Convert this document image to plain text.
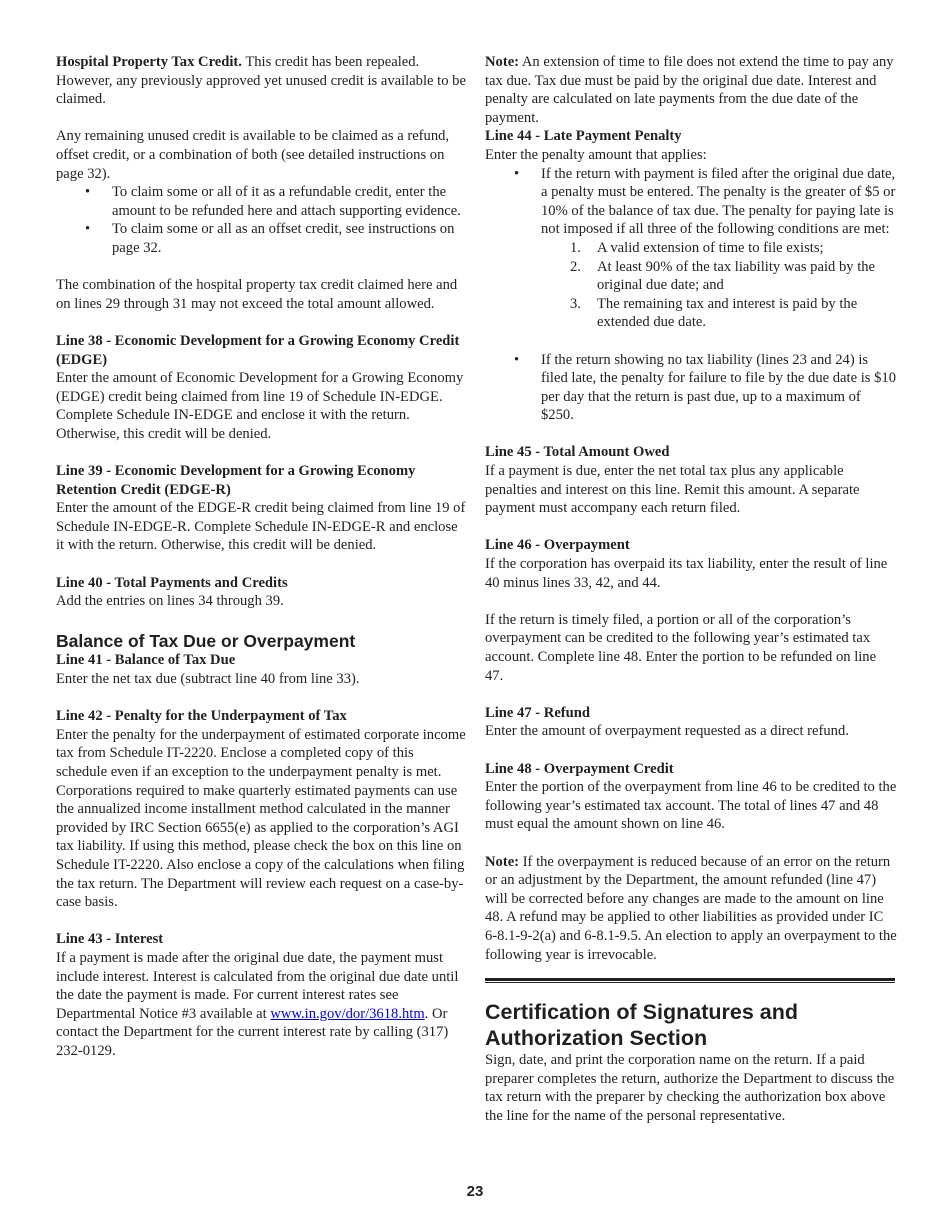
Hospital Property Tax Credit. This credit has been repealed. However, any previously approved yet unused credit is available to be claimed.

Any remaining unused credit is available to be claimed as a refund, offset credit, or a combination of both (see detailed instructions on page 32).

• To claim some or all of it as a refundable credit, enter the amount to be refunded here and attach supporting evidence.
• To claim some or all as an offset credit, see instructions on page 32.

The combination of the hospital property tax credit claimed here and on lines 29 through 31 may not exceed the total amount allowed.

Line 38 - Economic Development for a Growing Economy Credit (EDGE)

Enter the amount of Economic Development for a Growing Economy (EDGE) credit being claimed from line 19 of Schedule IN-EDGE. Complete Schedule IN-EDGE and enclose it with the return. Otherwise, this credit will be denied.

Line 39 - Economic Development for a Growing Economy Retention Credit (EDGE-R)

Enter the amount of the EDGE-R credit being claimed from line 19 of Schedule IN-EDGE-R. Complete Schedule IN-EDGE-R and enclose it with the return. Otherwise, this credit will be denied.

Line 40 - Total Payments and Credits

Add the entries on lines 34 through 39.

Balance of Tax Due or Overpayment

Line 41 - Balance of Tax Due

Enter the net tax due (subtract line 40 from line 33).

Line 42 - Penalty for the Underpayment of Tax

Enter the penalty for the underpayment of estimated corporate income tax from Schedule IT-2220. Enclose a completed copy of this schedule even if an exception to the underpayment penalty is met. Corporations required to make quarterly estimated payments can use the annualized income installment method calculated in the manner provided by IRC Section 6655(e) as applied to the corporation’s AGI tax liability. If using this method, please check the box on this line on Schedule IT-2220. Also enclose a copy of the calculations when filing the tax return. The Department will review each request on a case-by-case basis.

Line 43 - Interest

If a payment is made after the original due date, the payment must include interest. Interest is calculated from the original due date until the date the payment is made. For current interest rates see Departmental Notice #3 available at www.in.gov/dor/3618.htm. Or contact the Department for the current interest rate by calling (317) 232-0129.

Note: An extension of time to file does not extend the time to pay any tax due. Tax due must be paid by the original due date. Interest and penalty are calculated on late payments from the due date of the payment.

Line 44 - Late Payment Penalty

Enter the penalty amount that applies:

• If the return with payment is filed after the original due date, a penalty must be entered. The penalty is the greater of $5 or 10% of the balance of tax due. The penalty for paying late is not imposed if all three of the following conditions are met:
1. A valid extension of time to file exists;
2. At least 90% of the tax liability was paid by the original due date; and
3. The remaining tax and interest is paid by the extended due date.
• If the return showing no tax liability (lines 23 and 24) is filed late, the penalty for failure to file by the due date is $10 per day that the return is past due, up to a maximum of $250.

Line 45 - Total Amount Owed

If a payment is due, enter the net total tax plus any applicable penalties and interest on this line. Remit this amount. A separate payment must accompany each return filed.

Line 46 - Overpayment

If the corporation has overpaid its tax liability, enter the result of line 40 minus lines 33, 42, and 44.

If the return is timely filed, a portion or all of the corporation’s overpayment can be credited to the following year’s estimated tax account. Complete line 48. Enter the portion to be refunded on line 47.

Line 47 - Refund

Enter the amount of overpayment requested as a direct refund.

Line 48 - Overpayment Credit

Enter the portion of the overpayment from line 46 to be credited to the following year’s estimated tax account. The total of lines 47 and 48 must equal the amount shown on line 46.

Note: If the overpayment is reduced because of an error on the return or an adjustment by the Department, the amount refunded (line 47) will be corrected before any changes are made to the amount on line 48. A refund may be applied to other liabilities as provided under IC 6-8.1-9-2(a) and 6-8.1-9.5. An election to apply an overpayment to the following year is irrevocable.

Certification of Signatures and Authorization Section

Sign, date, and print the corporation name on the return. If a paid preparer completes the return, authorize the Department to discuss the tax return with the preparer by checking the authorization box above the line for the name of the personal representative.

23
